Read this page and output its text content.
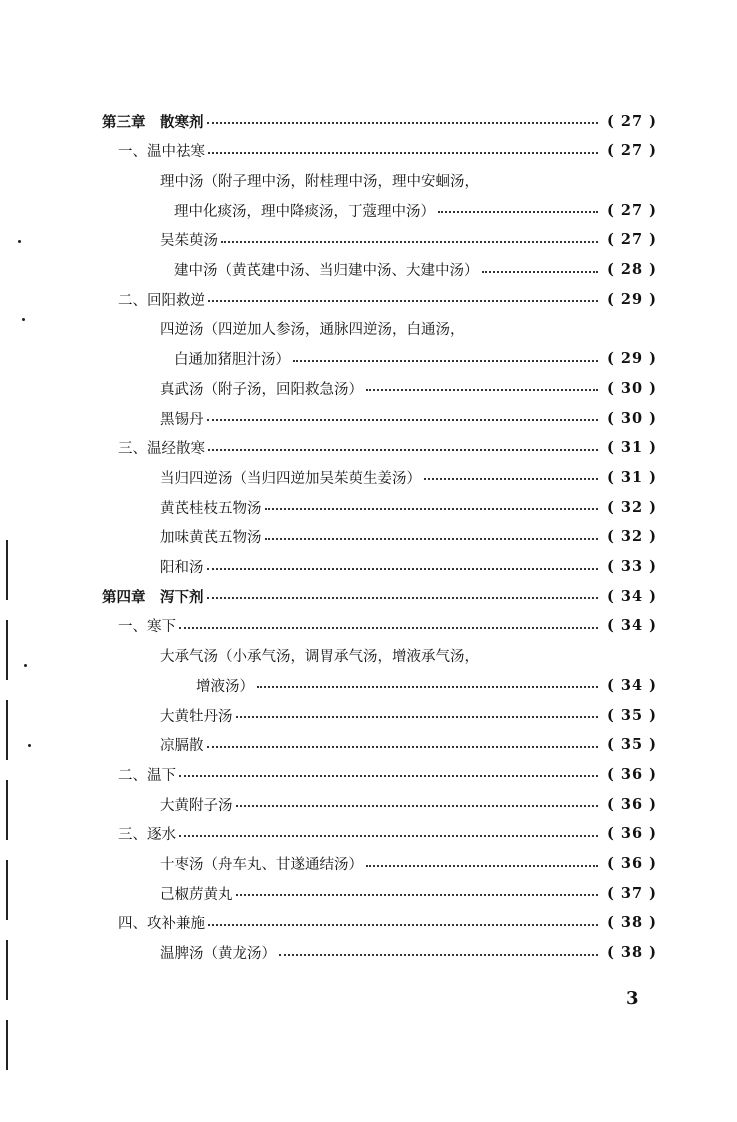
第三章　散寒剂	( 27 )
一、温中祛寒	( 27 )
理中汤（附子理中汤，附桂理中汤，理中安蛔汤，
理中化痰汤，理中降痰汤，丁蔻理中汤）	( 27 )
吴茱萸汤	( 27 )
建中汤（黄芪建中汤、当归建中汤、大建中汤）	( 28 )
二、回阳救逆	( 29 )
四逆汤（四逆加人参汤，通脉四逆汤，白通汤，
白通加猪胆汁汤）	( 29 )
真武汤（附子汤，回阳救急汤）	( 30 )
黑锡丹	( 30 )
三、温经散寒	( 31 )
当归四逆汤（当归四逆加吴茱萸生姜汤）	( 31 )
黄芪桂枝五物汤	( 32 )
加味黄芪五物汤	( 32 )
阳和汤	( 33 )
第四章　泻下剂	( 34 )
一、寒下	( 34 )
大承气汤（小承气汤，调胃承气汤，增液承气汤，
增液汤）	( 34 )
大黄牡丹汤	( 35 )
凉膈散	( 35 )
二、温下	( 36 )
大黄附子汤	( 36 )
三、逐水	( 36 )
十枣汤（舟车丸、甘遂通结汤）	( 36 )
己椒苈黄丸	( 37 )
四、攻补兼施	( 38 )
温脾汤（黄龙汤）	( 38 )
3
